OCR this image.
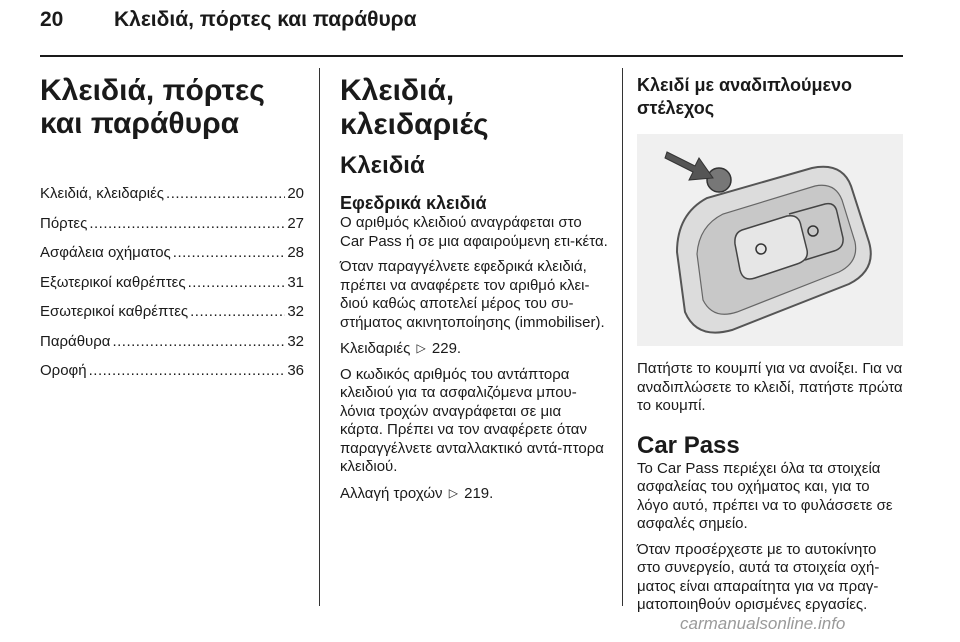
20 Κλειδιά, πόρτες και παράθυρα
Κλειδιά, πόρτες και παράθυρα
Κλειδιά, κλειδαριές .....	20
Πόρτες .....	27
Ασφάλεια οχήματος .....	28
Εξωτερικοί καθρέπτες .....	31
Εσωτερικοί καθρέπτες .....	32
Παράθυρα .....	32
Οροφή .....	36
Κλειδιά, κλειδαριές
Κλειδιά
Εφεδρικά κλειδιά

Ο αριθμός κλειδιού αναγράφεται στο Car Pass ή σε μια αφαιρούμενη ετι-κέτα.

Όταν παραγγέλνετε εφεδρικά κλειδιά, πρέπει να αναφέρετε τον αριθμό κλει-διού καθώς αποτελεί μέρος του συ-στήματος ακινητοποίησης (immobiliser).

Κλειδαριές ▷ 229.

Ο κωδικός αριθμός του αντάπτορα κλειδιού για τα ασφαλιζόμενα μπου-λόνια τροχών αναγράφεται σε μια κάρτα. Πρέπει να τον αναφέρετε όταν παραγγέλνετε ανταλλακτικό αντά-πτορα κλειδιού.

Αλλαγή τροχών ▷ 219.

Κλειδί με αναδιπλούμενο στέλεχος

Πατήστε το κουμπί για να ανοίξει. Για να αναδιπλώσετε το κλειδί, πατήστε πρώτα το κουμπί.

Car Pass

Το Car Pass περιέχει όλα τα στοιχεία ασφαλείας του οχήματος και, για το λόγο αυτό, πρέπει να το φυλάσσετε σε ασφαλές σημείο.

Όταν προσέρχεστε με το αυτοκίνητο στο συνεργείο, αυτά τα στοιχεία οχή-ματος είναι απαραίτητα για να πραγ-ματοποιηθούν ορισμένες εργασίες.

carmanualsonline.info
